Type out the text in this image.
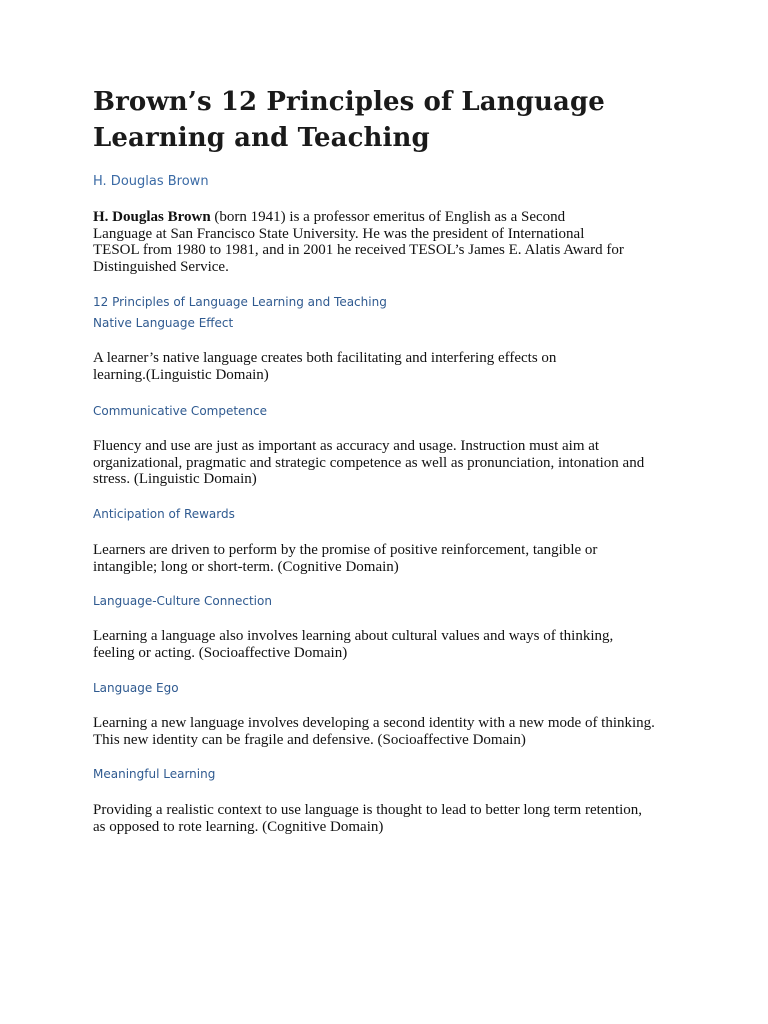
Brown’s 12 Principles of Language
Learning and Teaching
H. Douglas Brown

H. Douglas Brown (born 1941) is a professor emeritus of English as a Second
Language at San Francisco State University. He was the president of International
TESOL from 1980 to 1981, and in 2001 he received TESOL’s James E. Alatis Award for
Distinguished Service.

12 Principles of Language Learning and Teaching
Native Language Effect

A learner’s native language creates both facilitating and interfering effects on
learning.(Linguistic Domain)

Communicative Competence

Fluency and use are just as important as accuracy and usage. Instruction must aim at
organizational, pragmatic and strategic competence as well as pronunciation, intonation and
stress. (Linguistic Domain)

Anticipation of Rewards

Learners are driven to perform by the promise of positive reinforcement, tangible or
intangible; long or short-term. (Cognitive Domain)

Language-Culture Connection

Learning a language also involves learning about cultural values and ways of thinking,
feeling or acting. (Socioaffective Domain)

Language Ego

Learning a new language involves developing a second identity with a new mode of thinking.
This new identity can be fragile and defensive. (Socioaffective Domain)

Meaningful Learning

Providing a realistic context to use language is thought to lead to better long term retention,
as opposed to rote learning. (Cognitive Domain)
